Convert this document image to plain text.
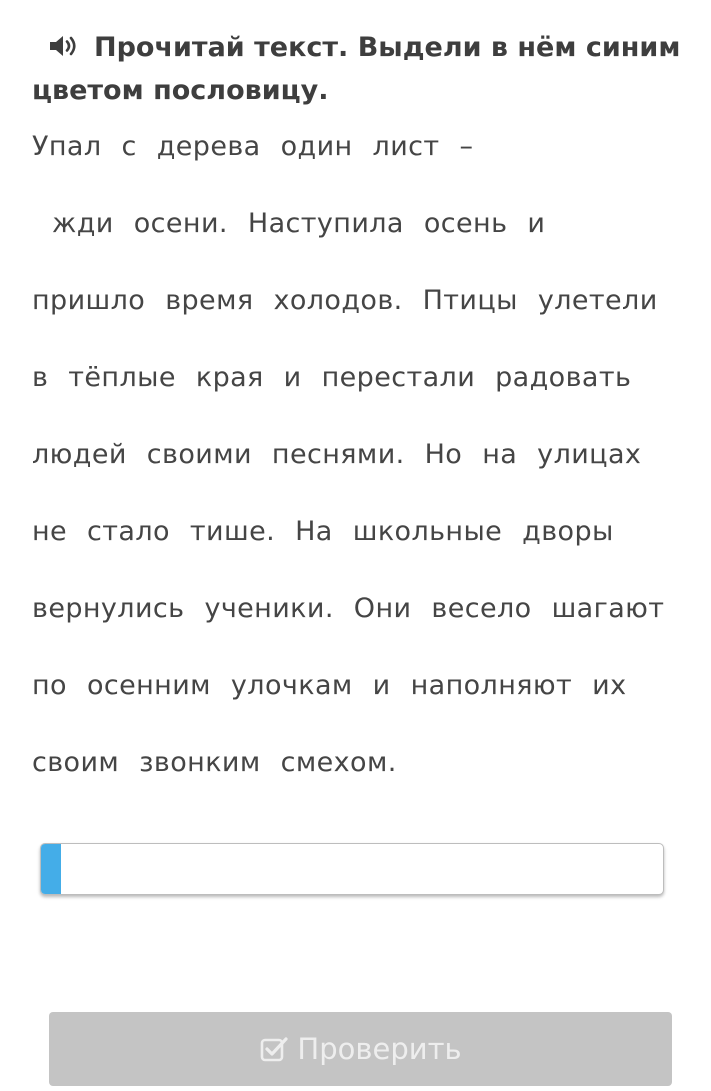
Прочитай текст. Выдели в нём синим цветом пословицу.
Упал с дерева один лист –
жди осени. Наступила осень и
пришло время холодов. Птицы улетели
в тёплые края и перестали радовать
людей своими песнями. Но на улицах
не стало тише. На школьные дворы
вернулись ученики. Они весело шагают
по осенним улочкам и наполняют их
своим звонким смехом.
Проверить
